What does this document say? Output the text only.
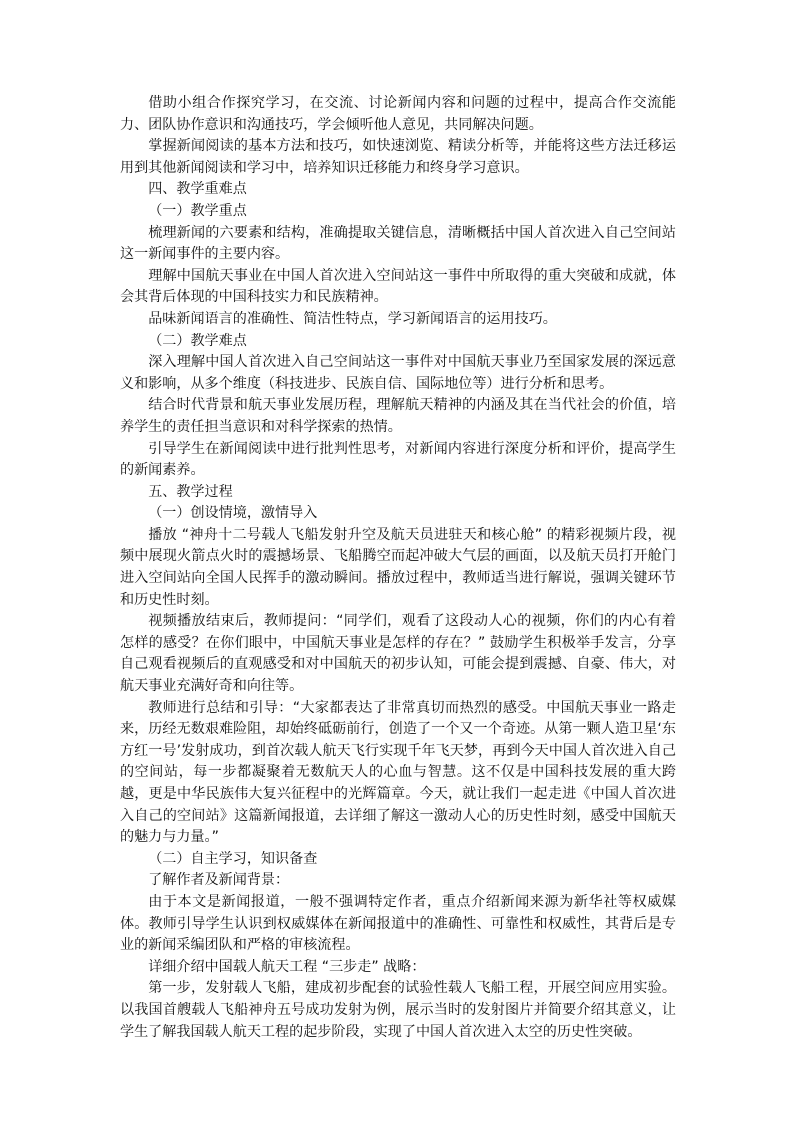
借助小组合作探究学习，在交流、讨论新闻内容和问题的过程中，提高合作交流能力、团队协作意识和沟通技巧，学会倾听他人意见，共同解决问题。

掌握新闻阅读的基本方法和技巧，如快速浏览、精读分析等，并能将这些方法迁移运用到其他新闻阅读和学习中，培养知识迁移能力和终身学习意识。

四、教学重难点

（一）教学重点

梳理新闻的六要素和结构，准确提取关键信息，清晰概括中国人首次进入自己空间站这一新闻事件的主要内容。

理解中国航天事业在中国人首次进入空间站这一事件中所取得的重大突破和成就，体会其背后体现的中国科技实力和民族精神。

品味新闻语言的准确性、简洁性特点，学习新闻语言的运用技巧。

（二）教学难点

深入理解中国人首次进入自己空间站这一事件对中国航天事业乃至国家发展的深远意义和影响，从多个维度（科技进步、民族自信、国际地位等）进行分析和思考。

结合时代背景和航天事业发展历程，理解航天精神的内涵及其在当代社会的价值，培养学生的责任担当意识和对科学探索的热情。

引导学生在新闻阅读中进行批判性思考，对新闻内容进行深度分析和评价，提高学生的新闻素养。

五、教学过程

（一）创设情境，激情导入

播放 “神舟十二号载人飞船发射升空及航天员进驻天和核心舱” 的精彩视频片段，视频中展现火箭点火时的震撼场景、飞船腾空而起冲破大气层的画面，以及航天员打开舱门进入空间站向全国人民挥手的激动瞬间。播放过程中，教师适当进行解说，强调关键环节和历史性时刻。

视频播放结束后，教师提问：“同学们，观看了这段动人心的视频，你们的内心有着怎样的感受？在你们眼中，中国航天事业是怎样的存在？” 鼓励学生积极举手发言，分享自己观看视频后的直观感受和对中国航天的初步认知，可能会提到震撼、自豪、伟大，对航天事业充满好奇和向往等。

教师进行总结和引导：“大家都表达了非常真切而热烈的感受。中国航天事业一路走来，历经无数艰难险阻，却始终砥砺前行，创造了一个又一个奇迹。从第一颗人造卫星‘东方红一号’发射成功，到首次载人航天飞行实现千年飞天梦，再到今天中国人首次进入自己的空间站，每一步都凝聚着无数航天人的心血与智慧。这不仅是中国科技发展的重大跨越，更是中华民族伟大复兴征程中的光辉篇章。今天，就让我们一起走进《中国人首次进入自己的空间站》这篇新闻报道，去详细了解这一激动人心的历史性时刻，感受中国航天的魅力与力量。”

（二）自主学习，知识备查

了解作者及新闻背景：

由于本文是新闻报道，一般不强调特定作者，重点介绍新闻来源为新华社等权威媒体。教师引导学生认识到权威媒体在新闻报道中的准确性、可靠性和权威性，其背后是专业的新闻采编团队和严格的审核流程。

详细介绍中国载人航天工程 “三步走” 战略：

第一步，发射载人飞船，建成初步配套的试验性载人飞船工程，开展空间应用实验。以我国首艘载人飞船神舟五号成功发射为例，展示当时的发射图片并简要介绍其意义，让学生了解我国载人航天工程的起步阶段，实现了中国人首次进入太空的历史性突破。
